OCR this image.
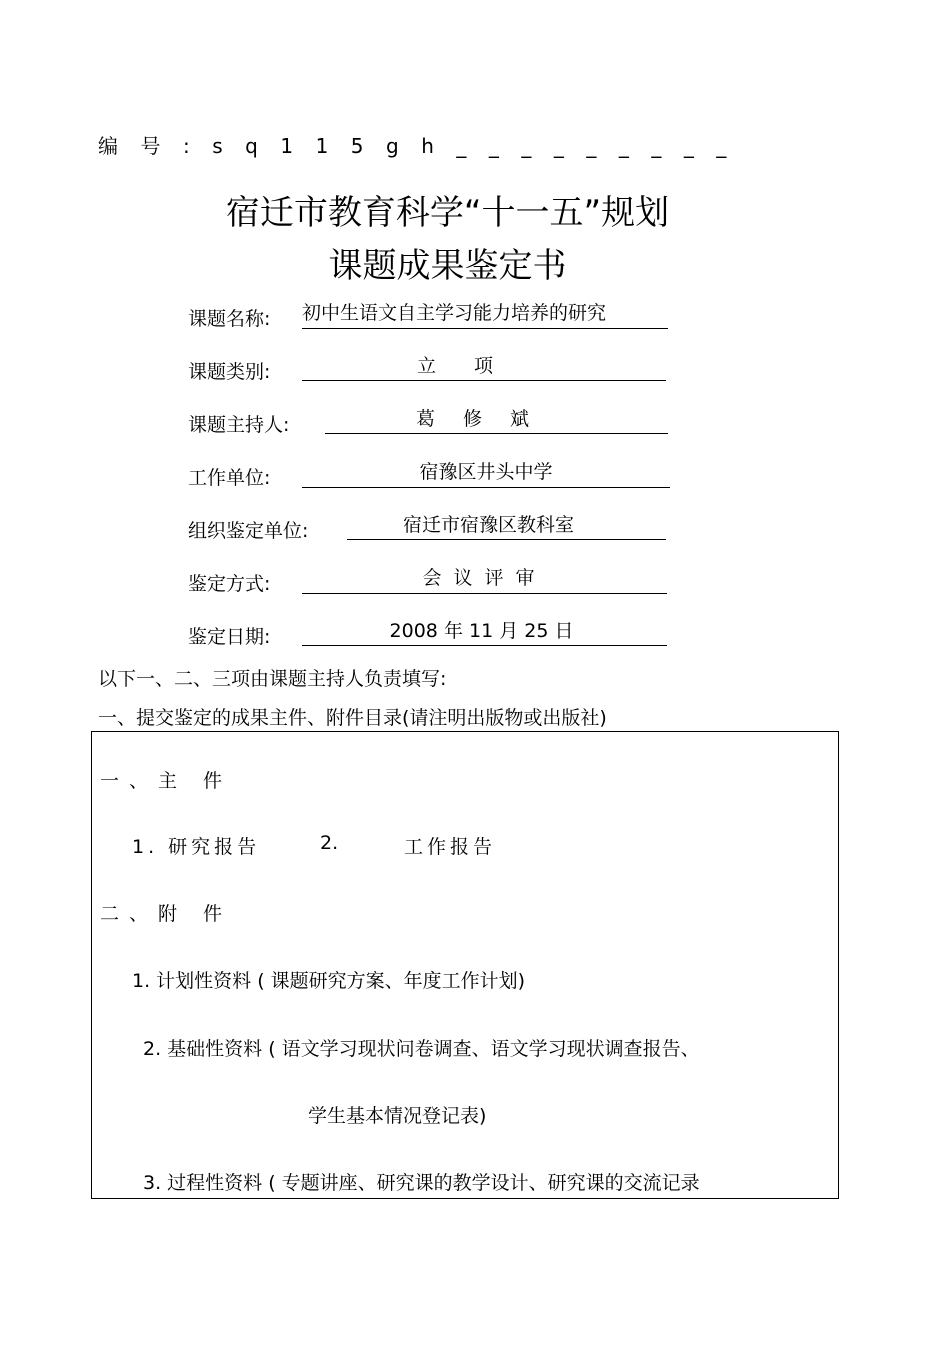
编号:sq115gh_________
宿迁市教育科学“十一五”规划
课题成果鉴定书
课题名称: 初中生语文自主学习能力培养的研究
课题类别:	立项
课题主持人:	葛修斌
工作单位:	宿豫区井头中学
组织鉴定单位:	宿迁市宿豫区教科室
鉴定方式:	会议评审
鉴定日期:	2008 年 11 月 25 日
以下一、二、三项由课题主持人负责填写:
一、提交鉴定的成果主件、附件目录(请注明出版物或出版社)
一、主 件
1. 研究报告	2.	工作报告
二、附 件
1. 计划性资料 ( 课题研究方案、年度工作计划)
2. 基础性资料 ( 语文学习现状问卷调查、语文学习现状调查报告、
学生基本情况登记表)
3. 过程性资料 ( 专题讲座、研究课的教学设计、研究课的交流记录
